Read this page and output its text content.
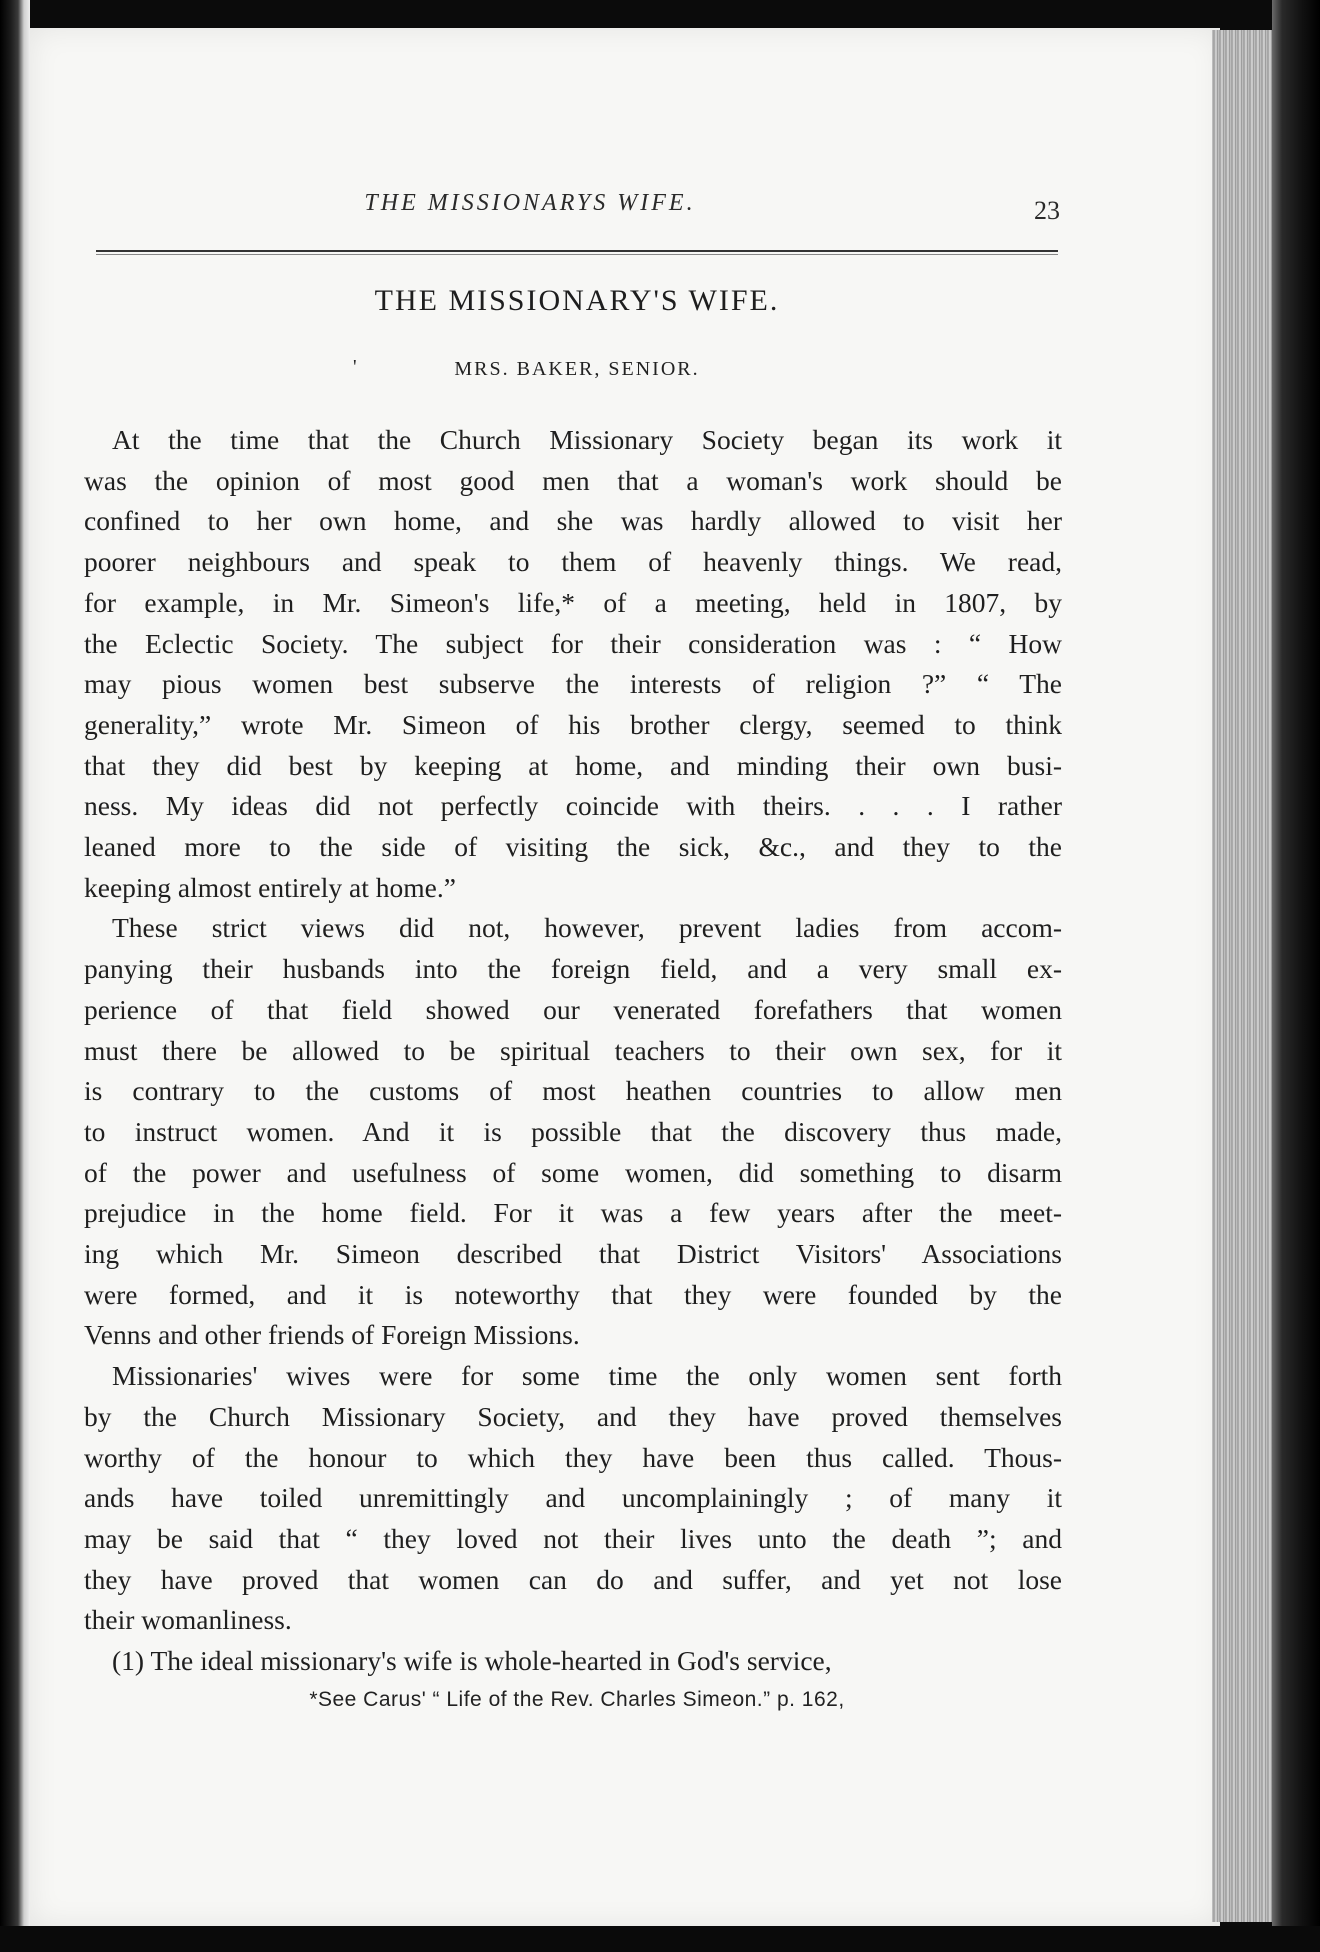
THE MISSIONARYS WIFE.	23
THE MISSIONARY'S WIFE.
'	MRS. BAKER, SENIOR.
At the time that the Church Missionary Society began its work it
was the opinion of most good men that a woman's work should be
confined to her own home, and she was hardly allowed to visit her
poorer neighbours and speak to them of heavenly things. We read,
for example, in Mr. Simeon's life,* of a meeting, held in 1807, by
the Eclectic Society. The subject for their consideration was : “ How
may pious women best subserve the interests of religion ?” “ The
generality,” wrote Mr. Simeon of his brother clergy, seemed to think
that they did best by keeping at home, and minding their own busi-
ness. My ideas did not perfectly coincide with theirs. . . . I rather
leaned more to the side of visiting the sick, &c., and they to the
keeping almost entirely at home.”
These strict views did not, however, prevent ladies from accom-
panying their husbands into the foreign field, and a very small ex-
perience of that field showed our venerated forefathers that women
must there be allowed to be spiritual teachers to their own sex, for it
is contrary to the customs of most heathen countries to allow men
to instruct women. And it is possible that the discovery thus made,
of the power and usefulness of some women, did something to disarm
prejudice in the home field. For it was a few years after the meet-
ing which Mr. Simeon described that District Visitors' Associations
were formed, and it is noteworthy that they were founded by the
Venns and other friends of Foreign Missions.
Missionaries' wives were for some time the only women sent forth
by the Church Missionary Society, and they have proved themselves
worthy of the honour to which they have been thus called. Thous-
ands have toiled unremittingly and uncomplainingly ; of many it
may be said that “ they loved not their lives unto the death ”; and
they have proved that women can do and suffer, and yet not lose
their womanliness.
(1) The ideal missionary's wife is whole-hearted in God's service,
*See Carus' “ Life of the Rev. Charles Simeon.” p. 162,
